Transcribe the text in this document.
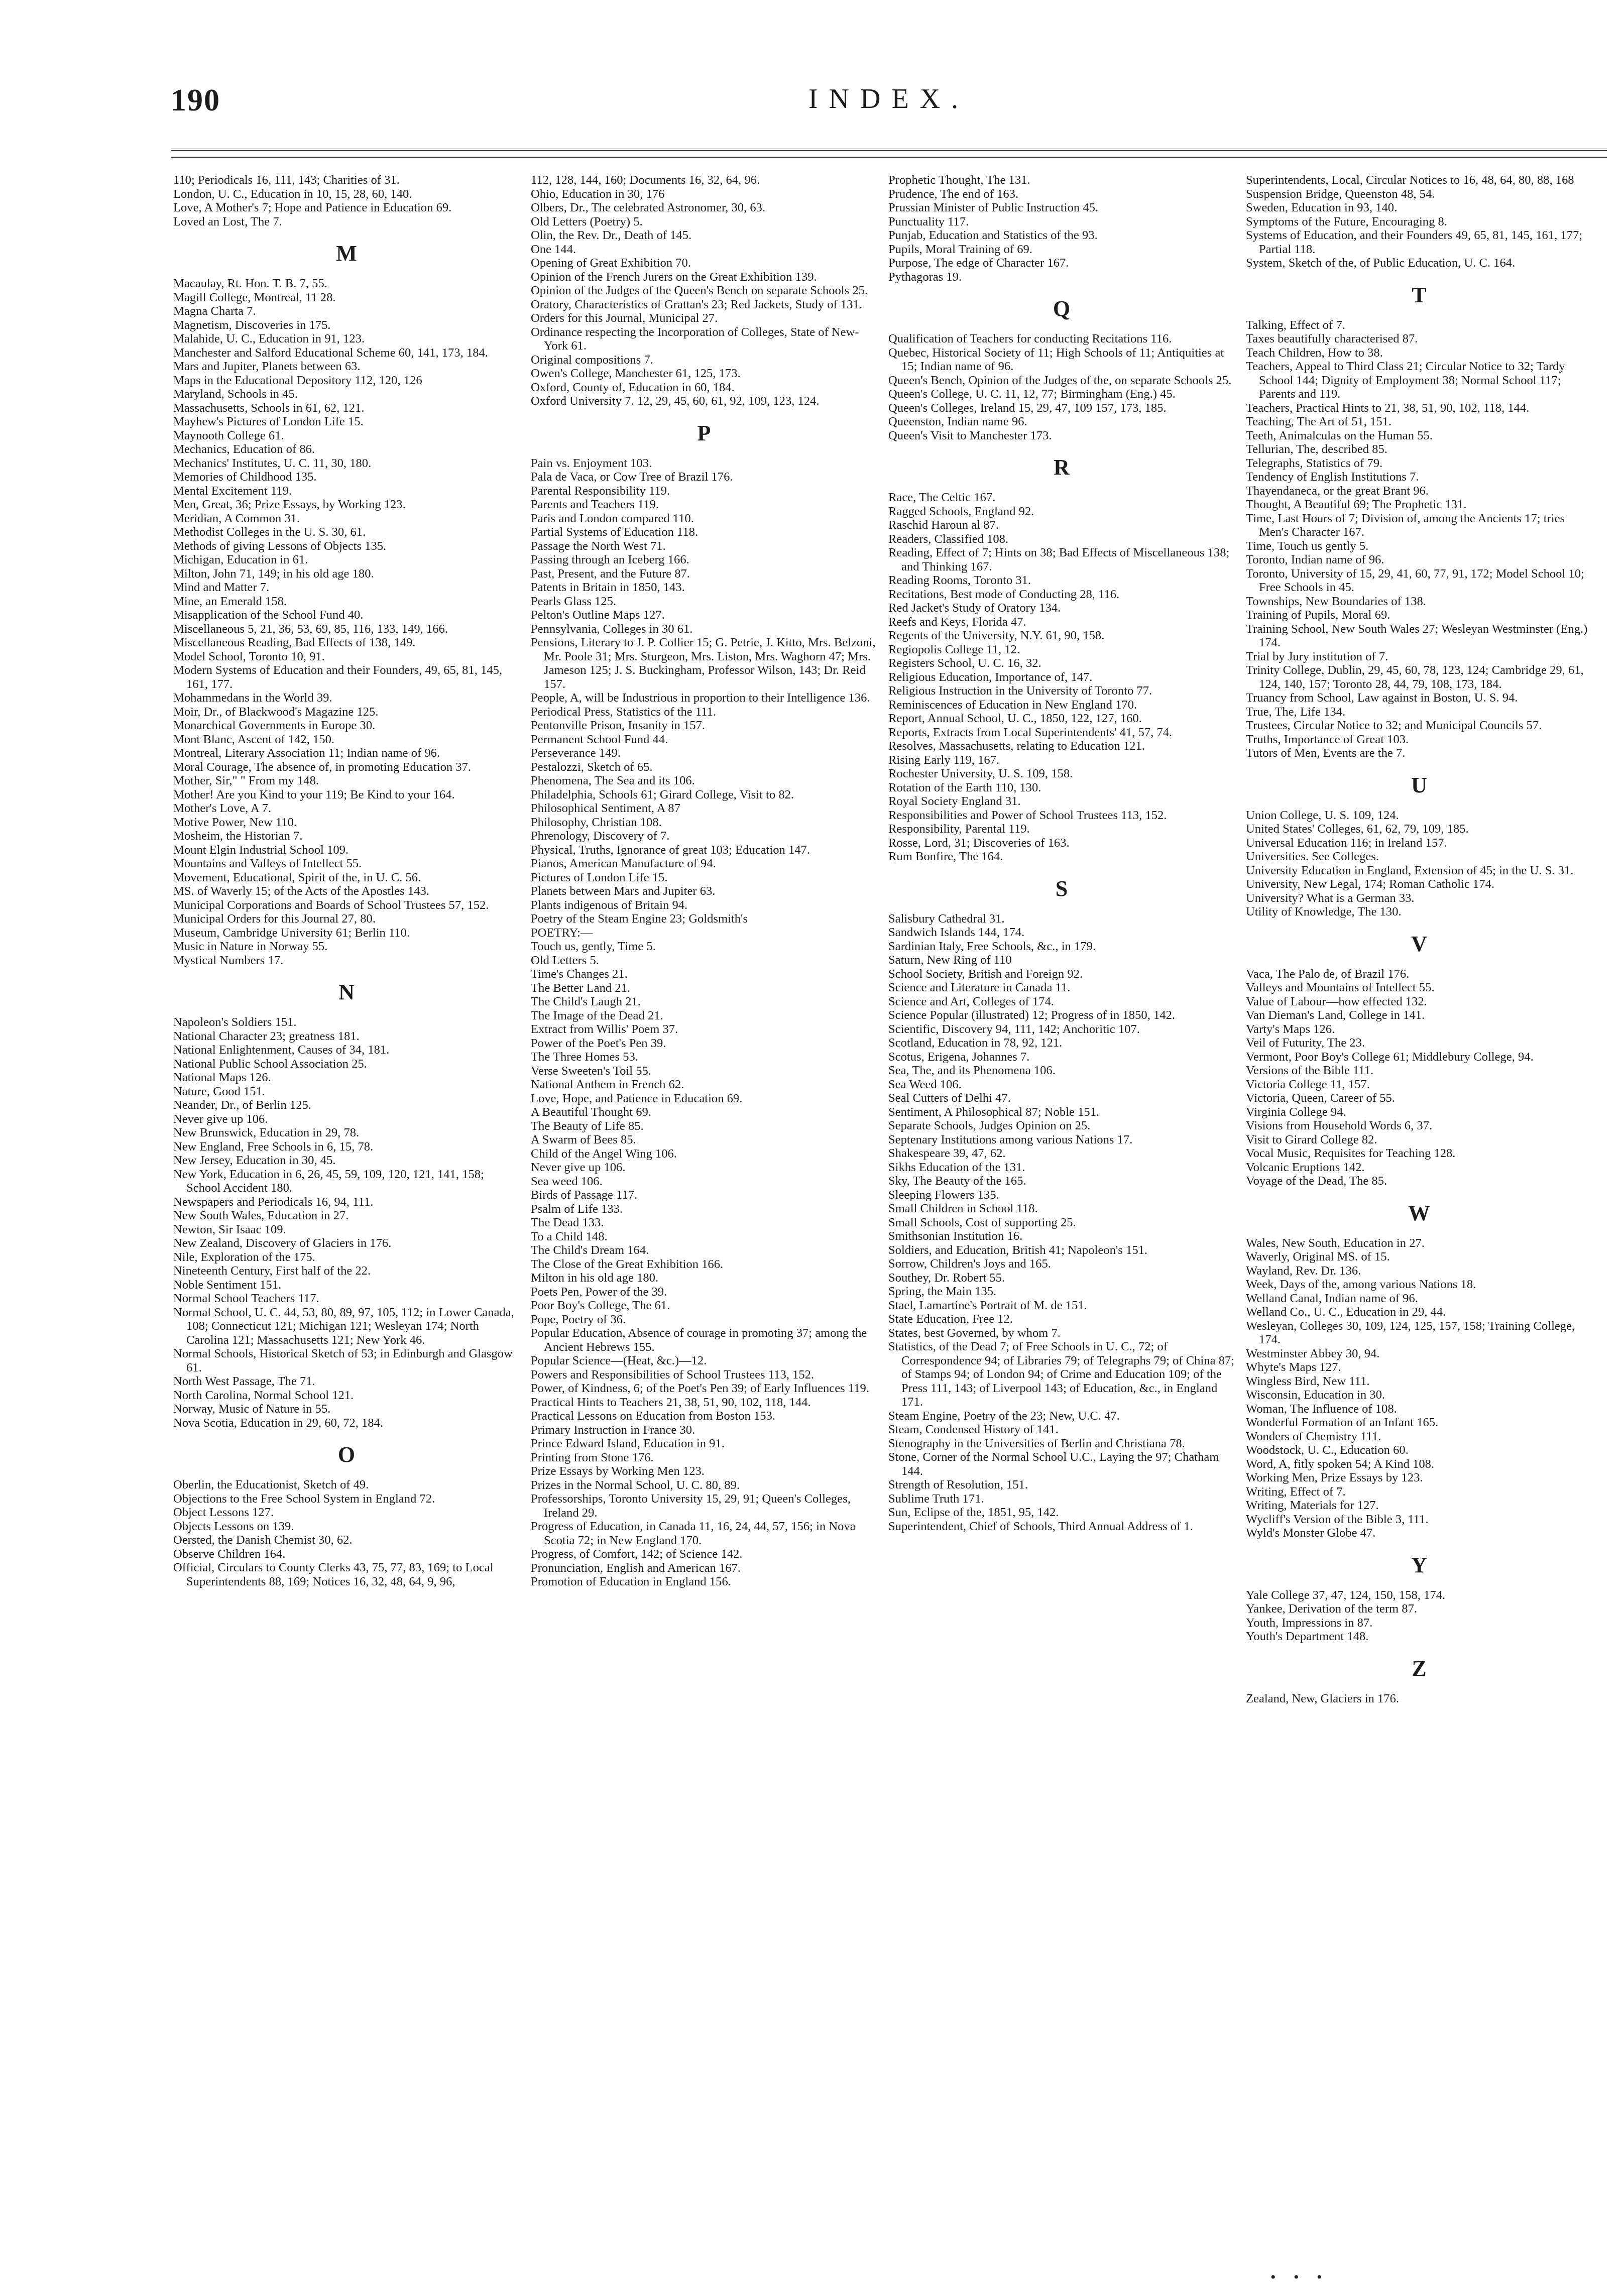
190	INDEX.

110; Periodicals 16, 111, 143; Charities of 31.

London, U. C., Education in 10, 15, 28, 60, 140.

Love, A Mother's 7; Hope and Patience in Education 69.

Loved an Lost, The 7.

M

Macaulay, Rt. Hon. T. B. 7, 55.

Magill College, Montreal, 11 28.

Magna Charta 7.

Magnetism, Discoveries in 175.

Malahide, U. C., Education in 91, 123.

Manchester and Salford Educational Scheme 60, 141, 173, 184.

Mars and Jupiter, Planets between 63.

Maps in the Educational Depository 112, 120, 126

Maryland, Schools in 45.

Massachusetts, Schools in 61, 62, 121.

Mayhew's Pictures of London Life 15.

Maynooth College 61.

Mechanics, Education of 86.

Mechanics' Institutes, U. C. 11, 30, 180.

Memories of Childhood 135.

Mental Excitement 119.

Men, Great, 36; Prize Essays, by Working 123.

Meridian, A Common 31.

Methodist Colleges in the U. S. 30, 61.

Methods of giving Lessons of Objects 135.

Michigan, Education in 61.

Milton, John 71, 149; in his old age 180.

Mind and Matter 7.

Mine, an Emerald 158.

Misapplication of the School Fund 40.

Miscellaneous 5, 21, 36, 53, 69, 85, 116, 133, 149, 166.

Miscellaneous Reading, Bad Effects of 138, 149.

Model School, Toronto 10, 91.

Modern Systems of Education and their Founders, 49, 65, 81, 145, 161, 177.

Mohammedans in the World 39.

Moir, Dr., of Blackwood's Magazine 125.

Monarchical Governments in Europe 30.

Mont Blanc, Ascent of 142, 150.

Montreal, Literary Association 11; Indian name of 96.

Moral Courage, The absence of, in promoting Education 37.

Mother, Sir," " From my 148.

Mother! Are you Kind to your 119; Be Kind to your 164.

Mother's Love, A 7.

Motive Power, New 110.

Mosheim, the Historian 7.

Mount Elgin Industrial School 109.

Mountains and Valleys of Intellect 55.

Movement, Educational, Spirit of the, in U. C. 56.

MS. of Waverly 15; of the Acts of the Apostles 143.

Municipal Corporations and Boards of School Trustees 57, 152.

Municipal Orders for this Journal 27, 80.

Museum, Cambridge University 61; Berlin 110.

Music in Nature in Norway 55.

Mystical Numbers 17.

N

Napoleon's Soldiers 151.

National Character 23; greatness 181.

National Enlightenment, Causes of 34, 181.

National Public School Association 25.

National Maps 126.

Nature, Good 151.

Neander, Dr., of Berlin 125.

Never give up 106.

New Brunswick, Education in 29, 78.

New England, Free Schools in 6, 15, 78.

New Jersey, Education in 30, 45.

New York, Education in 6, 26, 45, 59, 109, 120, 121, 141, 158; School Accident 180.

Newspapers and Periodicals 16, 94, 111.

New South Wales, Education in 27.

Newton, Sir Isaac 109.

New Zealand, Discovery of Glaciers in 176.

Nile, Exploration of the 175.

Nineteenth Century, First half of the 22.

Noble Sentiment 151.

Normal School Teachers 117.

Normal School, U. C. 44, 53, 80, 89, 97, 105, 112; in Lower Canada, 108; Connecticut 121; Michigan 121; Wesleyan 174; North Carolina 121; Massachusetts 121; New York 46.

Normal Schools, Historical Sketch of 53; in Edinburgh and Glasgow 61.

North West Passage, The 71.

North Carolina, Normal School 121.

Norway, Music of Nature in 55.

Nova Scotia, Education in 29, 60, 72, 184.

O

Oberlin, the Educationist, Sketch of 49.

Objections to the Free School System in England 72.

Object Lessons 127.

Objects Lessons on 139.

Oersted, the Danish Chemist 30, 62.

Observe Children 164.

Official, Circulars to County Clerks 43, 75, 77, 83, 169; to Local Superintendents 88, 169; Notices 16, 32, 48, 64, 9, 96,

112, 128, 144, 160; Documents 16, 32, 64, 96.

Ohio, Education in 30, 176

Olbers, Dr., The celebrated Astronomer, 30, 63.

Old Letters (Poetry) 5.

Olin, the Rev. Dr., Death of 145.

One 144.

Opening of Great Exhibition 70.

Opinion of the French Jurers on the Great Exhibition 139.

Opinion of the Judges of the Queen's Bench on separate Schools 25.

Oratory, Characteristics of Grattan's 23; Red Jackets, Study of 131.

Orders for this Journal, Municipal 27.

Ordinance respecting the Incorporation of Colleges, State of New-York 61.

Original compositions 7.

Owen's College, Manchester 61, 125, 173.

Oxford, County of, Education in 60, 184.

Oxford University 7. 12, 29, 45, 60, 61, 92, 109, 123, 124.

P

Pain vs. Enjoyment 103.

Pala de Vaca, or Cow Tree of Brazil 176.

Parental Responsibility 119.

Parents and Teachers 119.

Paris and London compared 110.

Partial Systems of Education 118.

Passage the North West 71.

Passing through an Iceberg 166.

Past, Present, and the Future 87.

Patents in Britain in 1850, 143.

Pearls Glass 125.

Pelton's Outline Maps 127.

Pennsylvania, Colleges in 30 61.

Pensions, Literary to J. P. Collier 15; G. Petrie, J. Kitto, Mrs. Belzoni, Mr. Poole 31; Mrs. Sturgeon, Mrs. Liston, Mrs. Waghorn 47; Mrs. Jameson 125; J. S. Buckingham, Professor Wilson, 143; Dr. Reid 157.

People, A, will be Industrious in proportion to their Intelligence 136.

Periodical Press, Statistics of the 111.

Pentonville Prison, Insanity in 157.

Permanent School Fund 44.

Perseverance 149.

Pestalozzi, Sketch of 65.

Phenomena, The Sea and its 106.

Philadelphia, Schools 61; Girard College, Visit to 82.

Philosophical Sentiment, A 87

Philosophy, Christian 108.

Phrenology, Discovery of 7.

Physical, Truths, Ignorance of great 103; Education 147.

Pianos, American Manufacture of 94.

Pictures of London Life 15.

Planets between Mars and Jupiter 63.

Plants indigenous of Britain 94.

Poetry of the Steam Engine 23; Goldsmith's

POETRY:—

Touch us, gently, Time 5.

Old Letters 5.

Time's Changes 21.

The Better Land 21.

The Child's Laugh 21.

The Image of the Dead 21.

Extract from Willis' Poem 37.

Power of the Poet's Pen 39.

The Three Homes 53.

Verse Sweeten's Toil 55.

National Anthem in French 62.

Love, Hope, and Patience in Education 69.

A Beautiful Thought 69.

The Beauty of Life 85.

A Swarm of Bees 85.

Child of the Angel Wing 106.

Never give up 106.

Sea weed 106.

Birds of Passage 117.

Psalm of Life 133.

The Dead 133.

To a Child 148.

The Child's Dream 164.

The Close of the Great Exhibition 166.

Milton in his old age 180.

Poets Pen, Power of the 39.

Poor Boy's College, The 61.

Pope, Poetry of 36.

Popular Education, Absence of courage in promoting 37; among the Ancient Hebrews 155.

Popular Science—(Heat, &c.)—12.

Powers and Responsibilities of School Trustees 113, 152.

Power, of Kindness, 6; of the Poet's Pen 39; of Early Influences 119.

Practical Hints to Teachers 21, 38, 51, 90, 102, 118, 144.

Practical Lessons on Education from Boston 153.

Primary Instruction in France 30.

Prince Edward Island, Education in 91.

Printing from Stone 176.

Prize Essays by Working Men 123.

Prizes in the Normal School, U. C. 80, 89.

Professorships, Toronto University 15, 29, 91; Queen's Colleges, Ireland 29.

Progress of Education, in Canada 11, 16, 24, 44, 57, 156; in Nova Scotia 72; in New England 170.

Progress, of Comfort, 142; of Science 142.

Pronunciation, English and American 167.

Promotion of Education in England 156.

Prophetic Thought, The 131.

Prudence, The end of 163.

Prussian Minister of Public Instruction 45.

Punctuality 117.

Punjab, Education and Statistics of the 93.

Pupils, Moral Training of 69.

Purpose, The edge of Character 167.

Pythagoras 19.

Q

Qualification of Teachers for conducting Recitations 116.

Quebec, Historical Society of 11; High Schools of 11; Antiquities at 15; Indian name of 96.

Queen's Bench, Opinion of the Judges of the, on separate Schools 25.

Queen's College, U. C. 11, 12, 77; Birmingham (Eng.) 45.

Queen's Colleges, Ireland 15, 29, 47, 109 157, 173, 185.

Queenston, Indian name 96.

Queen's Visit to Manchester 173.

R

Race, The Celtic 167.

Ragged Schools, England 92.

Raschid Haroun al 87.

Readers, Classified 108.

Reading, Effect of 7; Hints on 38; Bad Effects of Miscellaneous 138; and Thinking 167.

Reading Rooms, Toronto 31.

Recitations, Best mode of Conducting 28, 116.

Red Jacket's Study of Oratory 134.

Reefs and Keys, Florida 47.

Regents of the University, N.Y. 61, 90, 158.

Regiopolis College 11, 12.

Registers School, U. C. 16, 32.

Religious Education, Importance of, 147.

Religious Instruction in the University of Toronto 77.

Reminiscences of Education in New England 170.

Report, Annual School, U. C., 1850, 122, 127, 160.

Reports, Extracts from Local Superintendents' 41, 57, 74.

Resolves, Massachusetts, relating to Education 121.

Rising Early 119, 167.

Rochester University, U. S. 109, 158.

Rotation of the Earth 110, 130.

Royal Society England 31.

Responsibilities and Power of School Trustees 113, 152.

Responsibility, Parental 119.

Rosse, Lord, 31; Discoveries of 163.

Rum Bonfire, The 164.

S

Salisbury Cathedral 31.

Sandwich Islands 144, 174.

Sardinian Italy, Free Schools, &c., in 179.

Saturn, New Ring of 110

School Society, British and Foreign 92.

Science and Literature in Canada 11.

Science and Art, Colleges of 174.

Science Popular (illustrated) 12; Progress of in 1850, 142.

Scientific, Discovery 94, 111, 142; Anchoritic 107.

Scotland, Education in 78, 92, 121.

Scotus, Erigena, Johannes 7.

Sea, The, and its Phenomena 106.

Sea Weed 106.

Seal Cutters of Delhi 47.

Sentiment, A Philosophical 87; Noble 151.

Separate Schools, Judges Opinion on 25.

Septenary Institutions among various Nations 17.

Shakespeare 39, 47, 62.

Sikhs Education of the 131.

Sky, The Beauty of the 165.

Sleeping Flowers 135.

Small Children in School 118.

Small Schools, Cost of supporting 25.

Smithsonian Institution 16.

Soldiers, and Education, British 41; Napoleon's 151.

Sorrow, Children's Joys and 165.

Southey, Dr. Robert 55.

Spring, the Main 135.

Stael, Lamartine's Portrait of M. de 151.

State Education, Free 12.

States, best Governed, by whom 7.

Statistics, of the Dead 7; of Free Schools in U. C., 72; of Correspondence 94; of Libraries 79; of Telegraphs 79; of China 87; of Stamps 94; of London 94; of Crime and Education 109; of the Press 111, 143; of Liverpool 143; of Education, &c., in England 171.

Steam Engine, Poetry of the 23; New, U.C. 47.

Steam, Condensed History of 141.

Stenography in the Universities of Berlin and Christiana 78.

Stone, Corner of the Normal School U.C., Laying the 97; Chatham 144.

Strength of Resolution, 151.

Sublime Truth 171.

Sun, Eclipse of the, 1851, 95, 142.

Superintendent, Chief of Schools, Third Annual Address of 1.

Superintendents, Local, Circular Notices to 16, 48, 64, 80, 88, 168

Suspension Bridge, Queenston 48, 54.

Sweden, Education in 93, 140.

Symptoms of the Future, Encouraging 8.

Systems of Education, and their Founders 49, 65, 81, 145, 161, 177; Partial 118.

System, Sketch of the, of Public Education, U. C. 164.

T

Talking, Effect of 7.

Taxes beautifully characterised 87.

Teach Children, How to 38.

Teachers, Appeal to Third Class 21; Circular Notice to 32; Tardy School 144; Dignity of Employment 38; Normal School 117; Parents and 119.

Teachers, Practical Hints to 21, 38, 51, 90, 102, 118, 144.

Teaching, The Art of 51, 151.

Teeth, Animalculas on the Human 55.

Tellurian, The, described 85.

Telegraphs, Statistics of 79.

Tendency of English Institutions 7.

Thayendaneca, or the great Brant 96.

Thought, A Beautiful 69; The Prophetic 131.

Time, Last Hours of 7; Division of, among the Ancients 17; tries Men's Character 167.

Time, Touch us gently 5.

Toronto, Indian name of 96.

Toronto, University of 15, 29, 41, 60, 77, 91, 172; Model School 10; Free Schools in 45.

Townships, New Boundaries of 138.

Training of Pupils, Moral 69.

Training School, New South Wales 27; Wesleyan Westminster (Eng.) 174.

Trial by Jury institution of 7.

Trinity College, Dublin, 29, 45, 60, 78, 123, 124; Cambridge 29, 61, 124, 140, 157; Toronto 28, 44, 79, 108, 173, 184.

Truancy from School, Law against in Boston, U. S. 94.

True, The, Life 134.

Trustees, Circular Notice to 32; and Municipal Councils 57.

Truths, Importance of Great 103.

Tutors of Men, Events are the 7.

U

Union College, U. S. 109, 124.

United States' Colleges, 61, 62, 79, 109, 185.

Universal Education 116; in Ireland 157.

Universities. See Colleges.

University Education in England, Extension of 45; in the U. S. 31.

University, New Legal, 174; Roman Catholic 174.

University? What is a German 33.

Utility of Knowledge, The 130.

V

Vaca, The Palo de, of Brazil 176.

Valleys and Mountains of Intellect 55.

Value of Labour—how effected 132.

Van Dieman's Land, College in 141.

Varty's Maps 126.

Veil of Futurity, The 23.

Vermont, Poor Boy's College 61; Middlebury College, 94.

Versions of the Bible 111.

Victoria College 11, 157.

Victoria, Queen, Career of 55.

Virginia College 94.

Visions from Household Words 6, 37.

Visit to Girard College 82.

Vocal Music, Requisites for Teaching 128.

Volcanic Eruptions 142.

Voyage of the Dead, The 85.

W

Wales, New South, Education in 27.

Waverly, Original MS. of 15.

Wayland, Rev. Dr. 136.

Week, Days of the, among various Nations 18.

Welland Canal, Indian name of 96.

Welland Co., U. C., Education in 29, 44.

Wesleyan, Colleges 30, 109, 124, 125, 157, 158; Training College, 174.

Westminster Abbey 30, 94.

Whyte's Maps 127.

Wingless Bird, New 111.

Wisconsin, Education in 30.

Woman, The Influence of 108.

Wonderful Formation of an Infant 165.

Wonders of Chemistry 111.

Woodstock, U. C., Education 60.

Word, A, fitly spoken 54; A Kind 108.

Working Men, Prize Essays by 123.

Writing, Effect of 7.

Writing, Materials for 127.

Wycliff's Version of the Bible 3, 111.

Wyld's Monster Globe 47.

Y

Yale College 37, 47, 124, 150, 158, 174.

Yankee, Derivation of the term 87.

Youth, Impressions in 87.

Youth's Department 148.

Z

Zealand, New, Glaciers in 176.

• • •
